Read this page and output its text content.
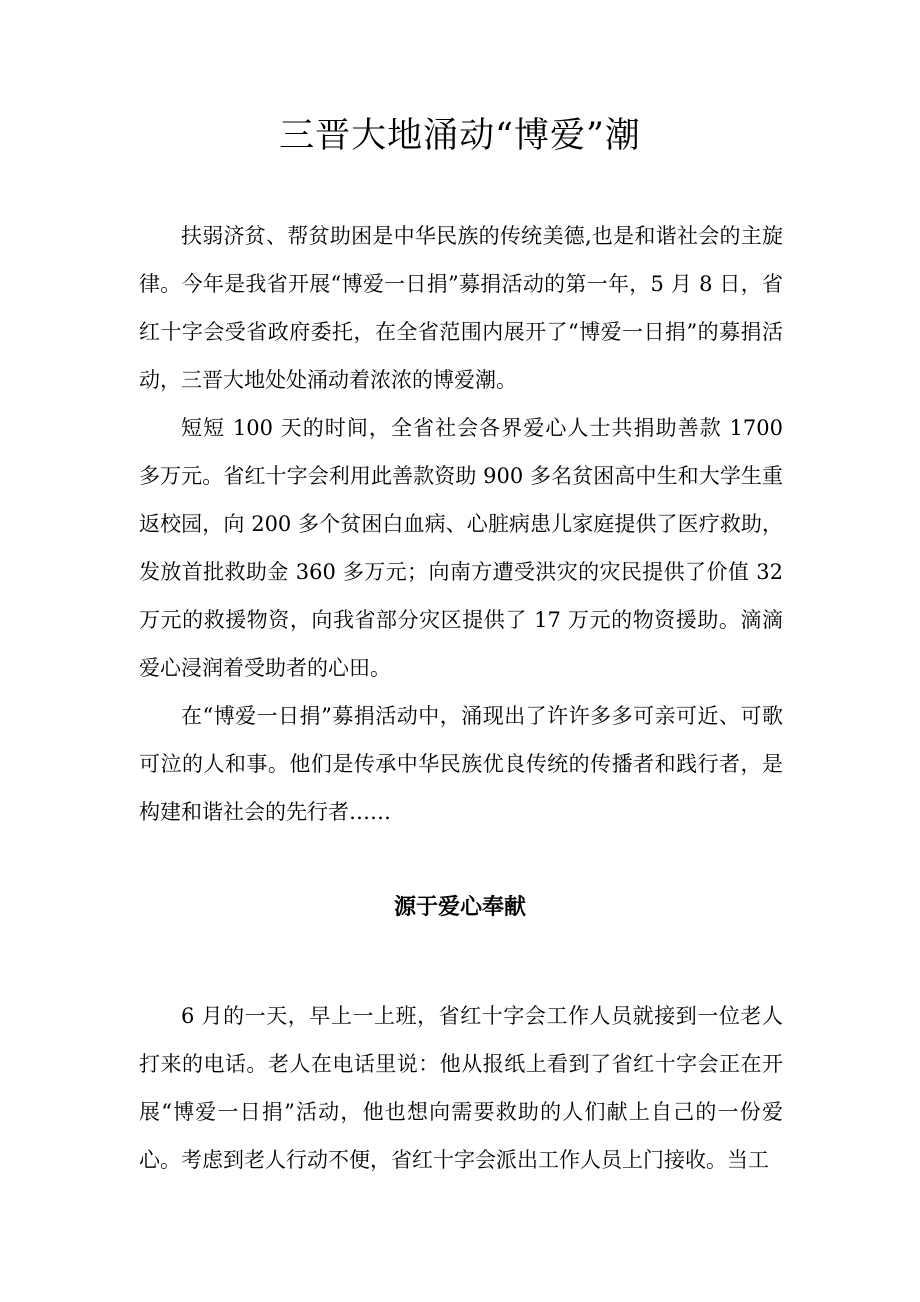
三晋大地涌动“博爱”潮

扶弱济贫、帮贫助困是中华民族的传统美德,也是和谐社会的主旋律。今年是我省开展“博爱一日捐”募捐活动的第一年，5 月 8 日，省红十字会受省政府委托，在全省范围内展开了“博爱一日捐”的募捐活动，三晋大地处处涌动着浓浓的博爱潮。

短短 100 天的时间，全省社会各界爱心人士共捐助善款 1700 多万元。省红十字会利用此善款资助 900 多名贫困高中生和大学生重返校园，向 200 多个贫困白血病、心脏病患儿家庭提供了医疗救助，发放首批救助金 360 多万元；向南方遭受洪灾的灾民提供了价值 32 万元的救援物资，向我省部分灾区提供了 17 万元的物资援助。滴滴爱心浸润着受助者的心田。

在“博爱一日捐”募捐活动中，涌现出了许许多多可亲可近、可歌可泣的人和事。他们是传承中华民族优良传统的传播者和践行者，是构建和谐社会的先行者……

源于爱心奉献

6 月的一天，早上一上班，省红十字会工作人员就接到一位老人打来的电话。老人在电话里说：他从报纸上看到了省红十字会正在开展“博爱一日捐”活动，他也想向需要救助的人们献上自己的一份爱心。考虑到老人行动不便，省红十字会派出工作人员上门接收。当工
